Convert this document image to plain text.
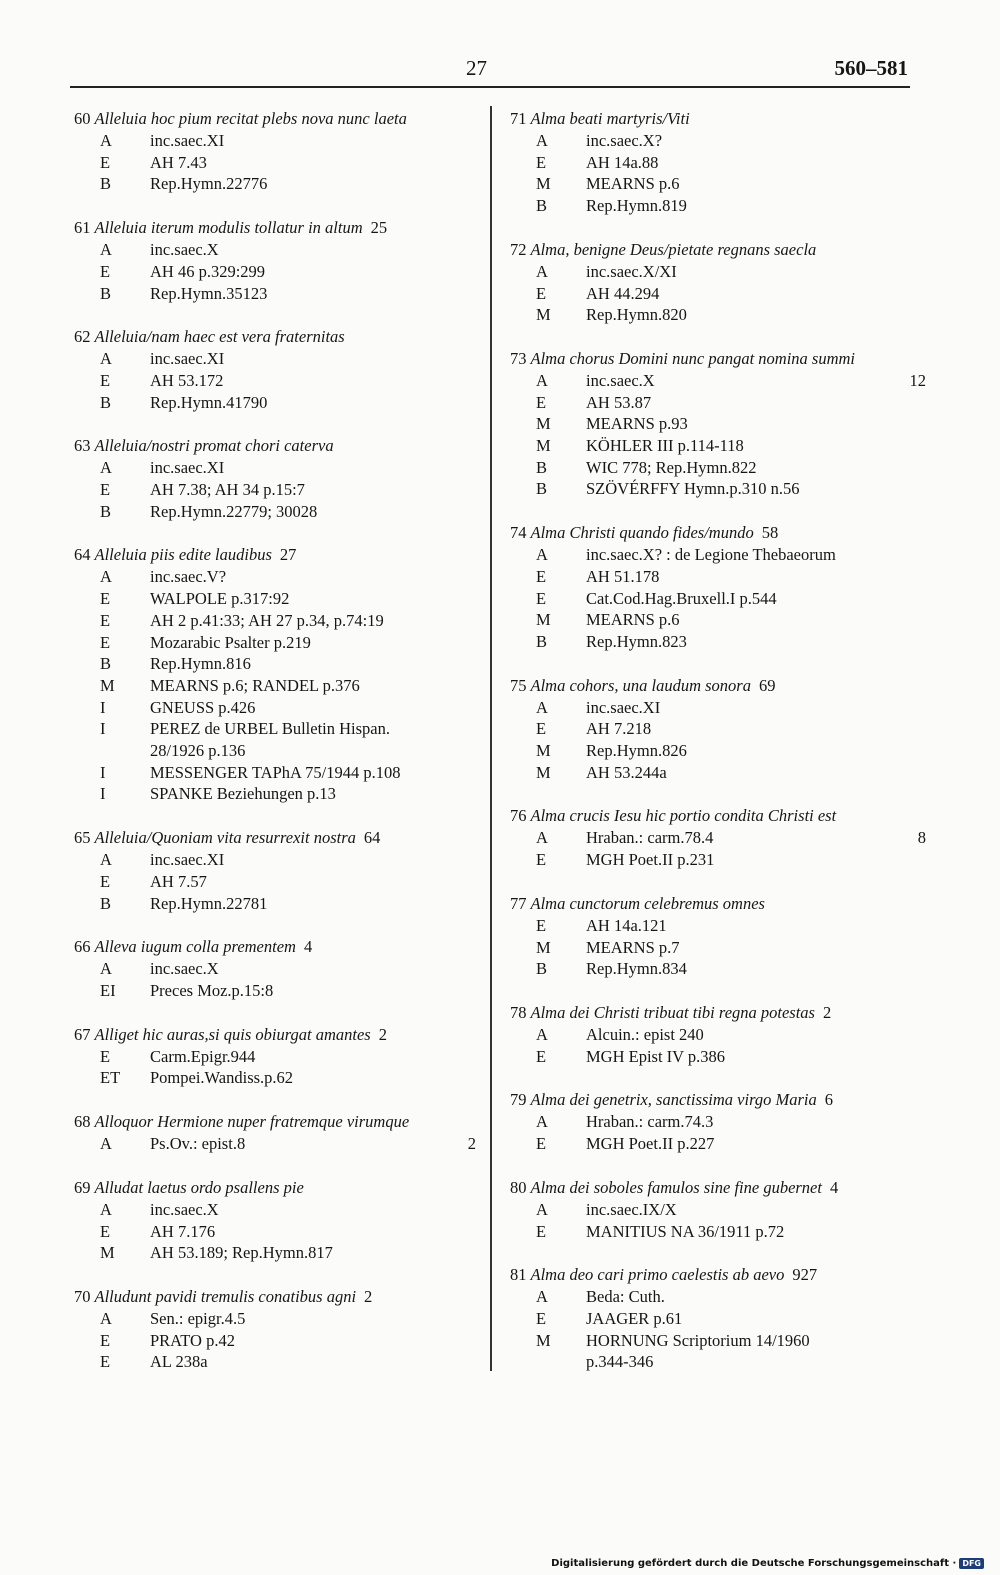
27	560–581
60 Alleluia hoc pium recitat plebs nova nunc laeta
A	inc.saec.XI
E	AH 7.43
B	Rep.Hymn.22776
61 Alleluia iterum modulis tollatur in altum 25
A	inc.saec.X
E	AH 46 p.329:299
B	Rep.Hymn.35123
62 Alleluia/nam haec est vera fraternitas
A	inc.saec.XI
E	AH 53.172
B	Rep.Hymn.41790
63 Alleluia/nostri promat chori caterva
A	inc.saec.XI
E	AH 7.38; AH 34 p.15:7
B	Rep.Hymn.22779; 30028
64 Alleluia piis edite laudibus 27
A	inc.saec.V?
E	WALPOLE p.317:92
E	AH 2 p.41:33; AH 27 p.34, p.74:19
E	Mozarabic Psalter p.219
B	Rep.Hymn.816
M	MEARNS p.6; RANDEL p.376
I	GNEUSS p.426
I	PEREZ de URBEL Bulletin Hispan.
28/1926 p.136
I	MESSENGER TAPhA 75/1944 p.108
I	SPANKE Beziehungen p.13
65 Alleluia/Quoniam vita resurrexit nostra 64
A	inc.saec.XI
E	AH 7.57
B	Rep.Hymn.22781
66 Alleva iugum colla prementem 4
A	inc.saec.X
EI	Preces Moz.p.15:8
67 Alliget hic auras,si quis obiurgat amantes 2
E	Carm.Epigr.944
ET	Pompei.Wandiss.p.62
68 Alloquor Hermione nuper fratremque virumque
A	Ps.Ov.: epist.8	2
69 Alludat laetus ordo psallens pie
A	inc.saec.X
E	AH 7.176
M	AH 53.189; Rep.Hymn.817
70 Alludunt pavidi tremulis conatibus agni 2
A	Sen.: epigr.4.5
E	PRATO p.42
E	AL 238a
71 Alma beati martyris/Viti
A	inc.saec.X?
E	AH 14a.88
M	MEARNS p.6
B	Rep.Hymn.819
72 Alma, benigne Deus/pietate regnans saecla
A	inc.saec.X/XI
E	AH 44.294
M	Rep.Hymn.820
73 Alma chorus Domini nunc pangat nomina summi
A	inc.saec.X	12
E	AH 53.87
M	MEARNS p.93
M	KÖHLER III p.114-118
B	WIC 778; Rep.Hymn.822
B	SZÖVÉRFFY Hymn.p.310 n.56
74 Alma Christi quando fides/mundo 58
A	inc.saec.X? : de Legione Thebaeorum
E	AH 51.178
E	Cat.Cod.Hag.Bruxell.I p.544
M	MEARNS p.6
B	Rep.Hymn.823
75 Alma cohors, una laudum sonora 69
A	inc.saec.XI
E	AH 7.218
M	Rep.Hymn.826
M	AH 53.244a
76 Alma crucis Iesu hic portio condita Christi est
A	Hraban.: carm.78.4	8
E	MGH Poet.II p.231
77 Alma cunctorum celebremus omnes
E	AH 14a.121
M	MEARNS p.7
B	Rep.Hymn.834
78 Alma dei Christi tribuat tibi regna potestas 2
A	Alcuin.: epist 240
E	MGH Epist IV p.386
79 Alma dei genetrix, sanctissima virgo Maria 6
A	Hraban.: carm.74.3
E	MGH Poet.II p.227
80 Alma dei soboles famulos sine fine gubernet 4
A	inc.saec.IX/X
E	MANITIUS NA 36/1911 p.72
81 Alma deo cari primo caelestis ab aevo 927
A	Beda: Cuth.
E	JAAGER p.61
M	HORNUNG Scriptorium 14/1960
p.344-346
Digitalisierung gefördert durch die Deutsche Forschungsgemeinschaft · DFG
